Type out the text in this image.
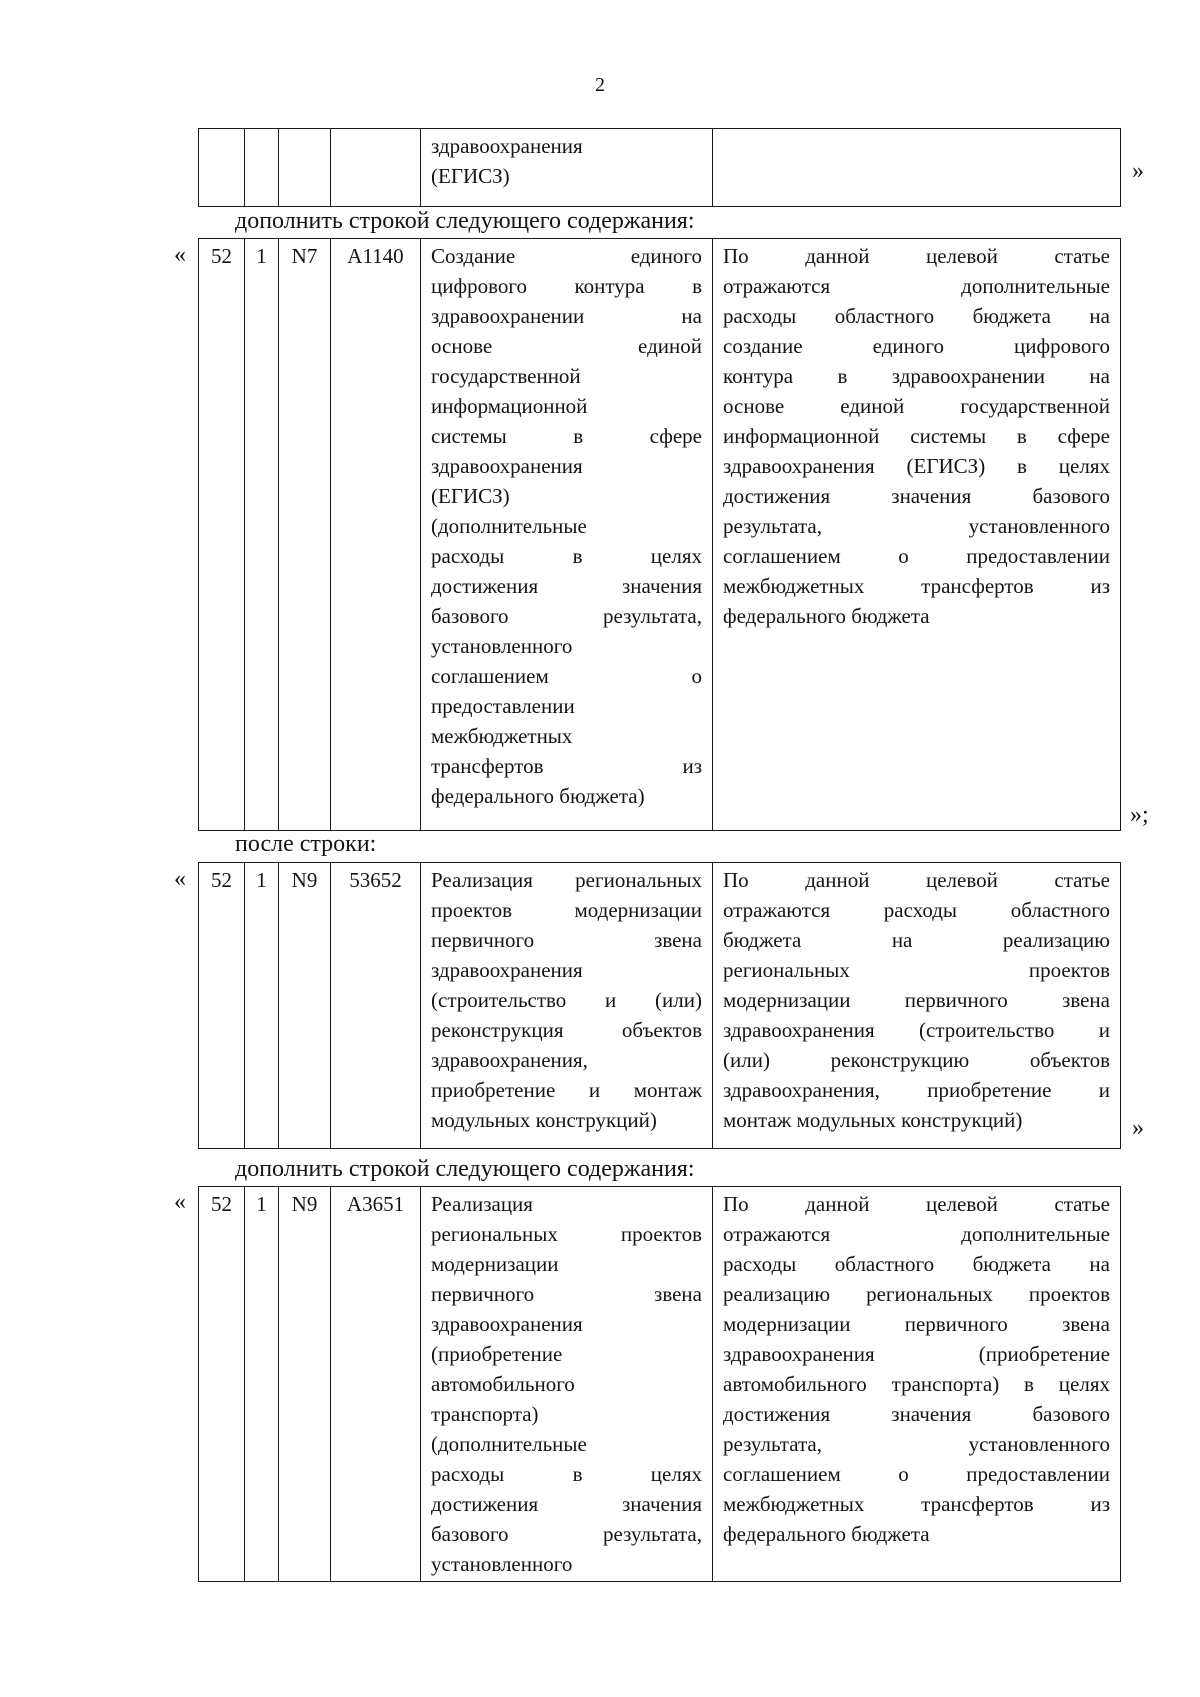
2

здравоохранения
(ЕГИСЗ)
		»
дополнить строкой следующего содержания:
« 52	1	N7	А1140	Создание единого
цифрового контура в
здравоохранении на
основе единой
государственной
информационной
системы в сфере
здравоохранения
(ЕГИСЗ)
(дополнительные
расходы в целях
достижения значения
базового результата,
установленного
соглашением о
предоставлении
межбюджетных
трансфертов из
федерального бюджета)

По данной целевой статье
отражаются дополнительные
расходы областного бюджета на
создание единого цифрового
контура в здравоохранении на
основе единой государственной
информационной системы в сфере
здравоохранения (ЕГИСЗ) в целях
достижения значения базового
результата, установленного
соглашением о предоставлении
межбюджетных трансфертов из
федерального бюджета
»;
после строки:
« 52	1	N9	53652	Реализация региональных
проектов модернизации
первичного звена
здравоохранения
(строительство и (или)
реконструкция объектов
здравоохранения,
приобретение и монтаж
модульных конструкций)

По данной целевой статье
отражаются расходы областного
бюджета на реализацию
региональных проектов
модернизации первичного звена
здравоохранения (строительство и
(или) реконструкцию объектов
здравоохранения, приобретение и
монтаж модульных конструкций)	»
дополнить строкой следующего содержания:
« 52	1	N9	А3651	Реализация
региональных проектов
модернизации
первичного звена
здравоохранения
(приобретение
автомобильного
транспорта)
(дополнительные
расходы в целях
достижения значения
базового результата,
установленного

По данной целевой статье
отражаются дополнительные
расходы областного бюджета на
реализацию региональных проектов
модернизации первичного звена
здравоохранения (приобретение
автомобильного транспорта) в целях
достижения значения базового
результата, установленного
соглашением о предоставлении
межбюджетных трансфертов из
федерального бюджета
